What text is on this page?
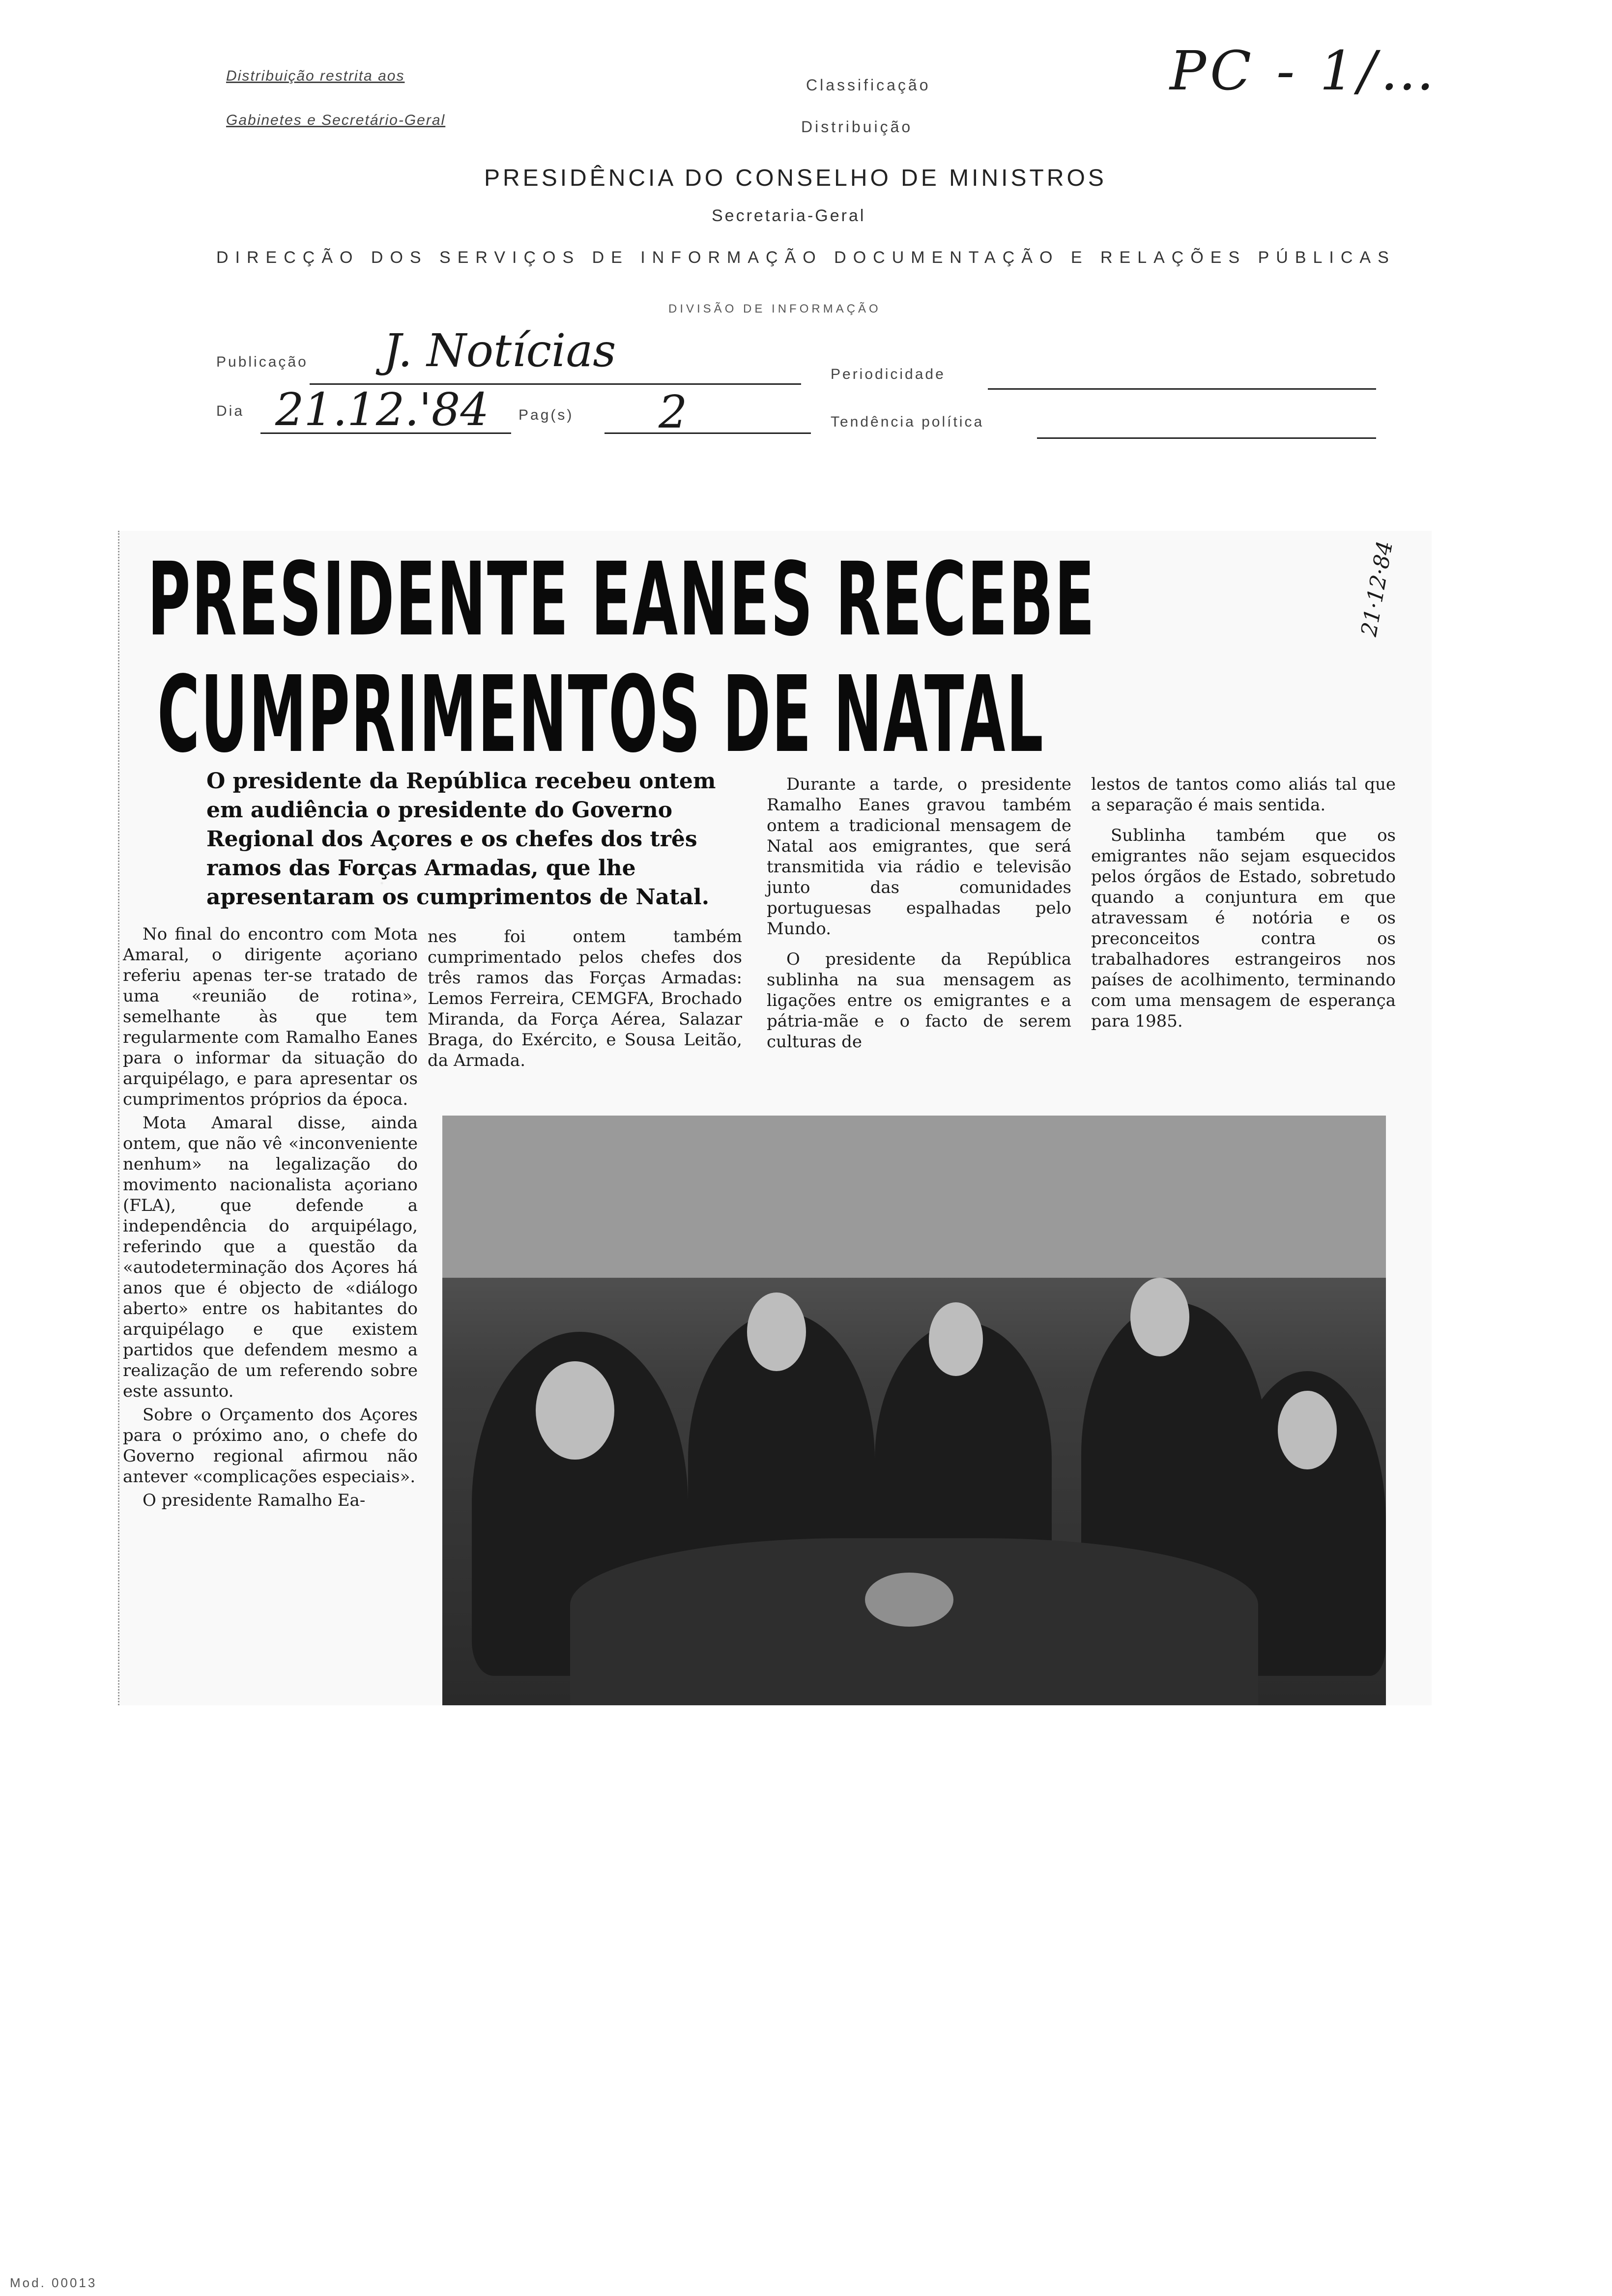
Distribuição restrita aos
Gabinetes e Secretário-Geral
Classificação
Distribuição
PC - 1/…
PRESIDÊNCIA DO CONSELHO DE MINISTROS
Secretaria-Geral
DIRECÇÃO DOS SERVIÇOS DE INFORMAÇÃO DOCUMENTAÇÃO E RELAÇÕES PÚBLICAS
DIVISÃO DE INFORMAÇÃO
Publicação J. Notícias	Periodicidade
Dia 21.12.'84 Pag(s) 2	Tendência política
PRESIDENTE EANES RECEBE
CUMPRIMENTOS DE NATAL
21·12·84
O presidente da República recebeu ontem em audiência o presidente do Governo Regional dos Açores e os chefes dos três ramos das Forças Armadas, que lhe apresentaram os cumprimentos de Natal.

No final do encontro com Mota Amaral, o dirigente açoriano referiu apenas ter-se tratado de uma «reunião de rotina», semelhante às que tem regularmente com Ramalho Eanes para o informar da situação do arquipélago, e para apresentar os cumprimentos próprios da época.

Mota Amaral disse, ainda ontem, que não vê «inconveniente nenhum» na legalização do movimento nacionalista açoriano (FLA), que defende a independência do arquipélago, referindo que a questão da «autodeterminação dos Açores há anos que é objecto de «diálogo aberto» entre os habitantes do arquipélago e que existem partidos que defendem mesmo a realização de um referendo sobre este assunto.

Sobre o Orçamento dos Açores para o próximo ano, o chefe do Governo regional afirmou não antever «complicações especiais».

O presidente Ramalho Ea-

nes foi ontem também cumprimentado pelos chefes dos três ramos das Forças Armadas: Lemos Ferreira, CEMGFA, Brochado Miranda, da Força Aérea, Salazar Braga, do Exército, e Sousa Leitão, da Armada.

Durante a tarde, o presidente Ramalho Eanes gravou também ontem a tradicional mensagem de Natal aos emigrantes, que será transmitida via rádio e televisão junto das comunidades portuguesas espalhadas pelo Mundo.

O presidente da República sublinha na sua mensagem as ligações entre os emigrantes e a pátria-mãe e o facto de serem culturas de

lestos de tantos como aliás tal que a separação é mais sentida.

Sublinha também que os emigrantes não sejam esquecidos pelos órgãos de Estado, sobretudo quando a conjuntura em que atravessam é notória e os preconceitos contra os trabalhadores estrangeiros nos países de acolhimento, terminando com uma mensagem de esperança para 1985.

Mod. 00013
